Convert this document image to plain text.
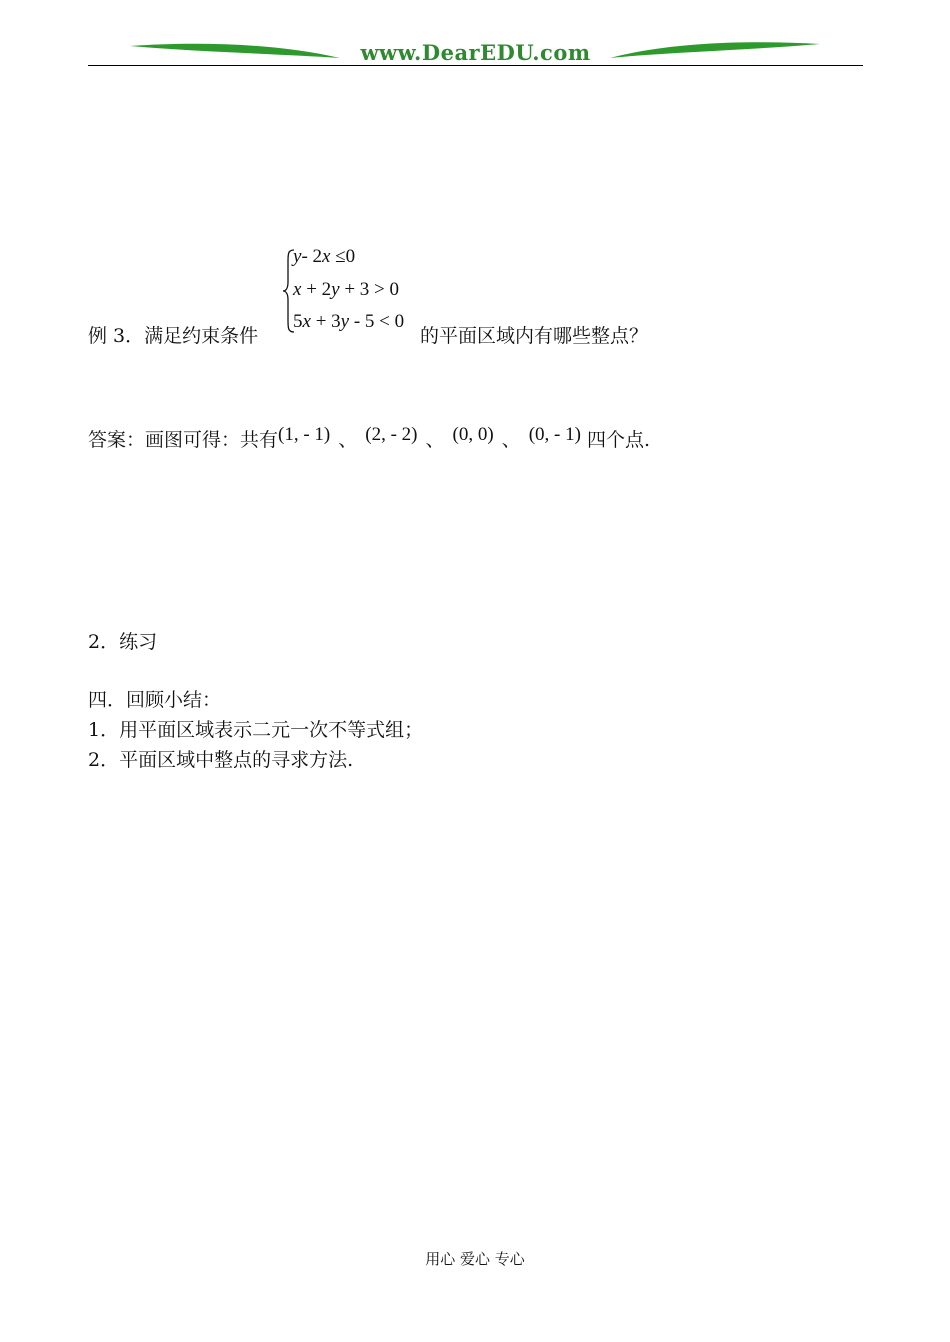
www.DearEDU.com
y- 2x ≤0
x + 2y + 3 > 0
5x + 3y - 5 < 0
例 3．满足约束条件	的平面区域内有哪些整点？
答案：画图可得：共有(1, - 1) 、 (2, - 2) 、 (0, 0) 、 (0, - 1) 四个点.
2．练习
四．回顾小结：
1．用平面区域表示二元一次不等式组；
2．平面区域中整点的寻求方法.
用心 爱心 专心
